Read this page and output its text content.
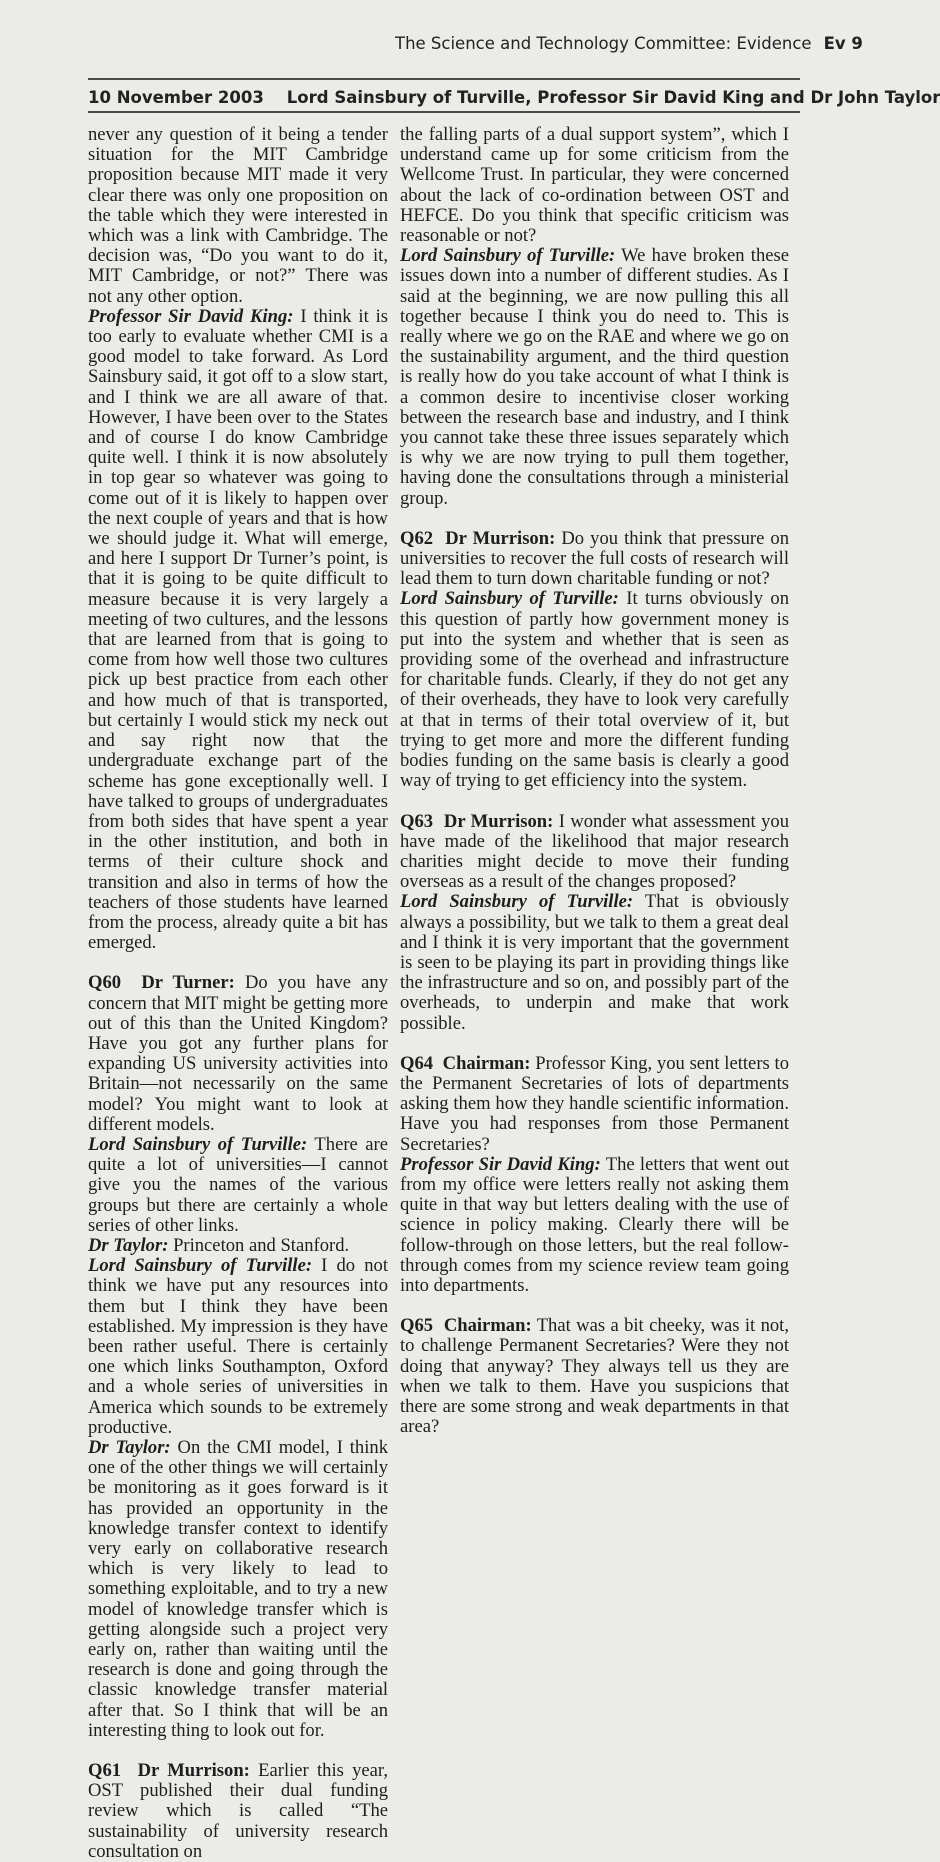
The Science and Technology Committee: Evidence Ev 9
10 November 2003    Lord Sainsbury of Turville, Professor Sir David King and Dr John Taylor

never any question of it being a tender situation for the MIT Cambridge proposition because MIT made it very clear there was only one proposition on the table which they were interested in which was a link with Cambridge. The decision was, “Do you want to do it, MIT Cambridge, or not?” There was not any other option.

Professor Sir David King: I think it is too early to evaluate whether CMI is a good model to take forward. As Lord Sainsbury said, it got off to a slow start, and I think we are all aware of that. However, I have been over to the States and of course I do know Cambridge quite well. I think it is now absolutely in top gear so whatever was going to come out of it is likely to happen over the next couple of years and that is how we should judge it. What will emerge, and here I support Dr Turner’s point, is that it is going to be quite difficult to measure because it is very largely a meeting of two cultures, and the lessons that are learned from that is going to come from how well those two cultures pick up best practice from each other and how much of that is transported, but certainly I would stick my neck out and say right now that the undergraduate exchange part of the scheme has gone exceptionally well. I have talked to groups of undergraduates from both sides that have spent a year in the other institution, and both in terms of their culture shock and transition and also in terms of how the teachers of those students have learned from the process, already quite a bit has emerged.

Q60 Dr Turner: Do you have any concern that MIT might be getting more out of this than the United Kingdom? Have you got any further plans for expanding US university activities into Britain—not necessarily on the same model? You might want to look at different models.

Lord Sainsbury of Turville: There are quite a lot of universities—I cannot give you the names of the various groups but there are certainly a whole series of other links.

Dr Taylor: Princeton and Stanford.

Lord Sainsbury of Turville: I do not think we have put any resources into them but I think they have been established. My impression is they have been rather useful. There is certainly one which links Southampton, Oxford and a whole series of universities in America which sounds to be extremely productive.

Dr Taylor: On the CMI model, I think one of the other things we will certainly be monitoring as it goes forward is it has provided an opportunity in the knowledge transfer context to identify very early on collaborative research which is very likely to lead to something exploitable, and to try a new model of knowledge transfer which is getting alongside such a project very early on, rather than waiting until the research is done and going through the classic knowledge transfer material after that. So I think that will be an interesting thing to look out for.

Q61 Dr Murrison: Earlier this year, OST published their dual funding review which is called “The sustainability of university research consultation on

the falling parts of a dual support system”, which I understand came up for some criticism from the Wellcome Trust. In particular, they were concerned about the lack of co-ordination between OST and HEFCE. Do you think that specific criticism was reasonable or not?

Lord Sainsbury of Turville: We have broken these issues down into a number of different studies. As I said at the beginning, we are now pulling this all together because I think you do need to. This is really where we go on the RAE and where we go on the sustainability argument, and the third question is really how do you take account of what I think is a common desire to incentivise closer working between the research base and industry, and I think you cannot take these three issues separately which is why we are now trying to pull them together, having done the consultations through a ministerial group.

Q62 Dr Murrison: Do you think that pressure on universities to recover the full costs of research will lead them to turn down charitable funding or not?

Lord Sainsbury of Turville: It turns obviously on this question of partly how government money is put into the system and whether that is seen as providing some of the overhead and infrastructure for charitable funds. Clearly, if they do not get any of their overheads, they have to look very carefully at that in terms of their total overview of it, but trying to get more and more the different funding bodies funding on the same basis is clearly a good way of trying to get efficiency into the system.

Q63 Dr Murrison: I wonder what assessment you have made of the likelihood that major research charities might decide to move their funding overseas as a result of the changes proposed?

Lord Sainsbury of Turville: That is obviously always a possibility, but we talk to them a great deal and I think it is very important that the government is seen to be playing its part in providing things like the infrastructure and so on, and possibly part of the overheads, to underpin and make that work possible.

Q64 Chairman: Professor King, you sent letters to the Permanent Secretaries of lots of departments asking them how they handle scientific information. Have you had responses from those Permanent Secretaries?

Professor Sir David King: The letters that went out from my office were letters really not asking them quite in that way but letters dealing with the use of science in policy making. Clearly there will be follow-through on those letters, but the real follow-through comes from my science review team going into departments.

Q65 Chairman: That was a bit cheeky, was it not, to challenge Permanent Secretaries? Were they not doing that anyway? They always tell us they are when we talk to them. Have you suspicions that there are some strong and weak departments in that area?
